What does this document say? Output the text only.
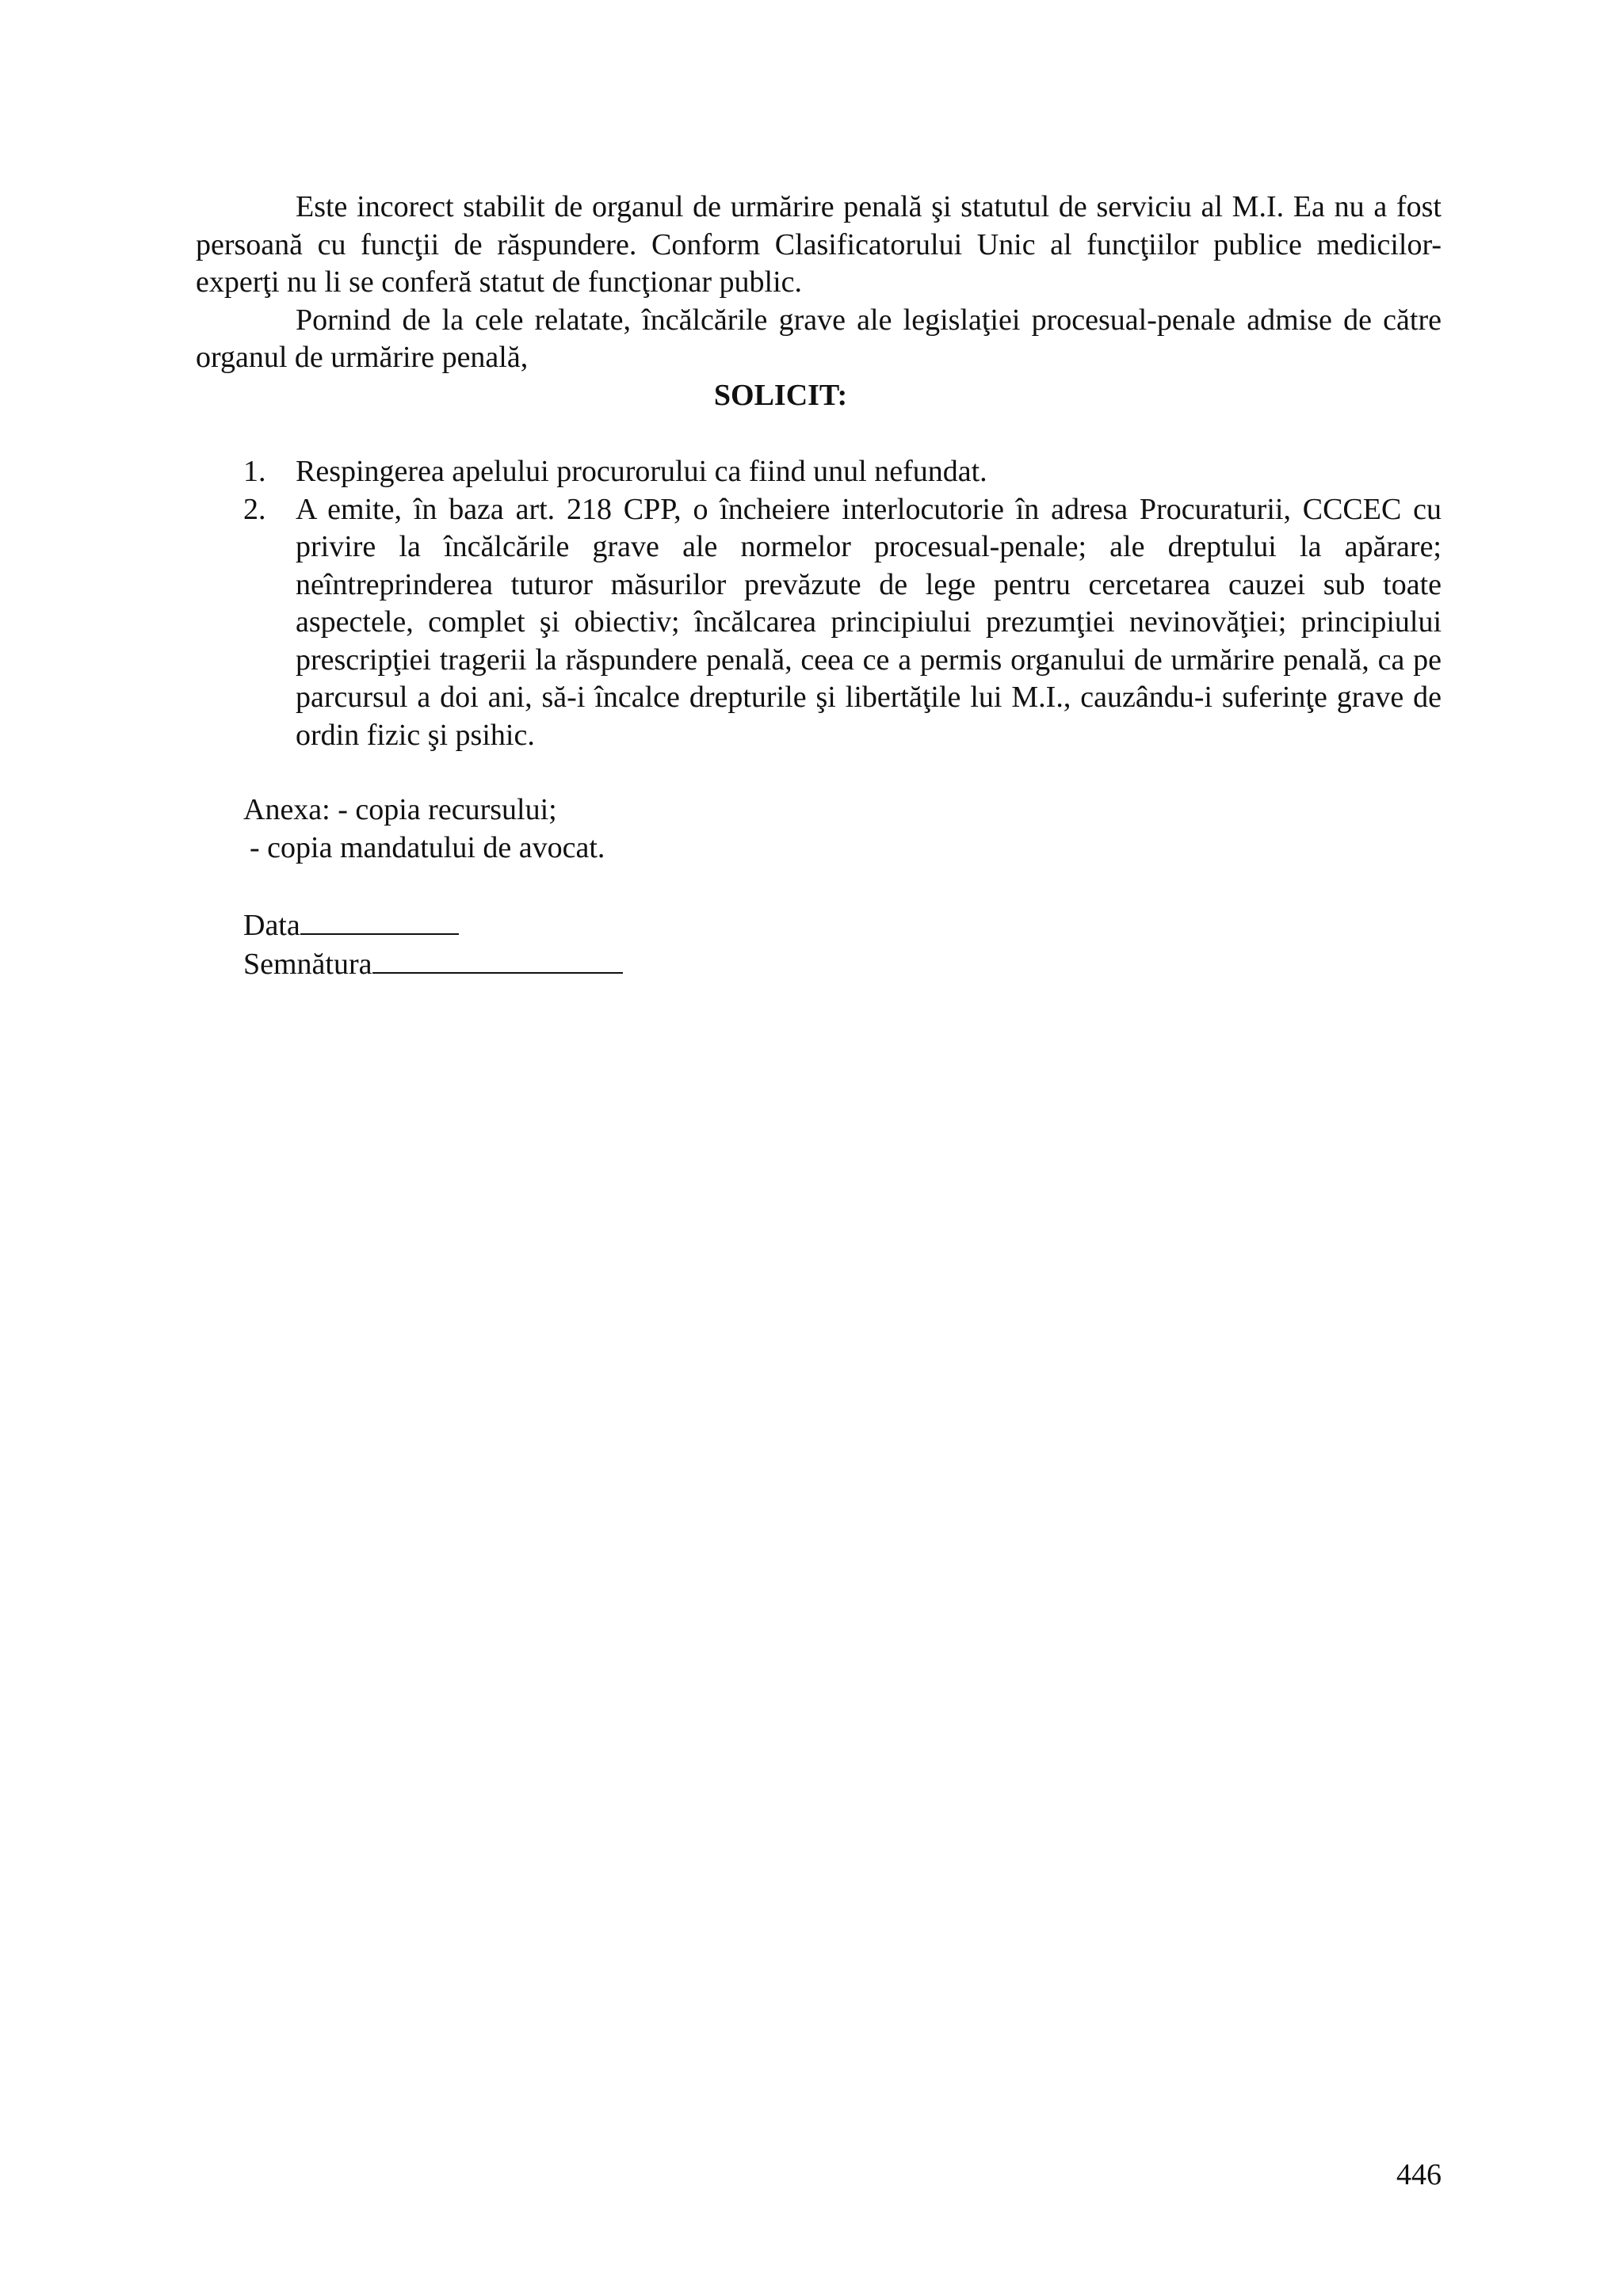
Este incorect stabilit de organul de urmărire penală şi statutul de serviciu al M.I. Ea nu a fost persoană cu funcţii de răspundere. Conform Clasificatorului Unic al funcţiilor publice medicilor-experţi nu li se conferă statut de funcţionar public.

Pornind de la cele relatate, încălcările grave ale legislaţiei procesual-penale admise de către organul de urmărire penală,

SOLICIT:

1. Respingerea apelului procurorului ca fiind unul nefundat.
2. A emite, în baza art. 218 CPP, o încheiere interlocutorie în adresa Procuraturii, CCCEC cu privire la încălcările grave ale normelor procesual-penale; ale dreptului la apărare; neîntreprinderea tuturor măsurilor prevăzute de lege pentru cercetarea cauzei sub toate aspectele, complet şi obiectiv; încălcarea principiului prezumţiei nevinovăţiei; principiului prescripţiei tragerii la răspundere penală, ceea ce a permis organului de urmărire penală, ca pe parcursul a doi ani, să-i încalce drepturile şi libertăţile lui M.I., cauzându-i suferinţe grave de ordin fizic şi psihic.
Anexa: - copia recursului;
- copia mandatului de avocat.
Data
Semnătura
446
